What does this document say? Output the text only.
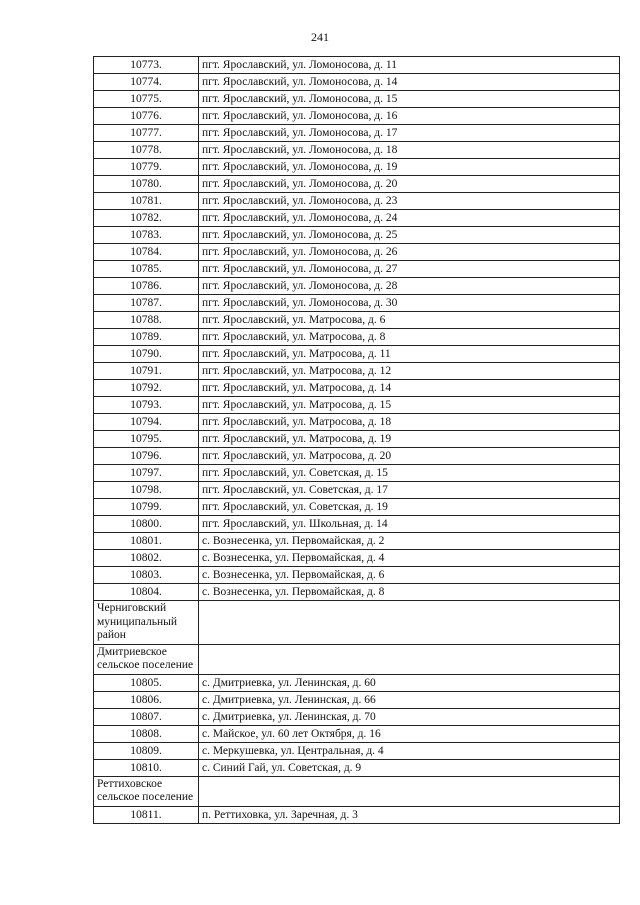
241
10773.	пгт. Ярославский, ул. Ломоносова, д. 11
10774.	пгт. Ярославский, ул. Ломоносова, д. 14
10775.	пгт. Ярославский, ул. Ломоносова, д. 15
10776.	пгт. Ярославский, ул. Ломоносова, д. 16
10777.	пгт. Ярославский, ул. Ломоносова, д. 17
10778.	пгт. Ярославский, ул. Ломоносова, д. 18
10779.	пгт. Ярославский, ул. Ломоносова, д. 19
10780.	пгт. Ярославский, ул. Ломоносова, д. 20
10781.	пгт. Ярославский, ул. Ломоносова, д. 23
10782.	пгт. Ярославский, ул. Ломоносова, д. 24
10783.	пгт. Ярославский, ул. Ломоносова, д. 25
10784.	пгт. Ярославский, ул. Ломоносова, д. 26
10785.	пгт. Ярославский, ул. Ломоносова, д. 27
10786.	пгт. Ярославский, ул. Ломоносова, д. 28
10787.	пгт. Ярославский, ул. Ломоносова, д. 30
10788.	пгт. Ярославский, ул. Матросова, д. 6
10789.	пгт. Ярославский, ул. Матросова, д. 8
10790.	пгт. Ярославский, ул. Матросова, д. 11
10791.	пгт. Ярославский, ул. Матросова, д. 12
10792.	пгт. Ярославский, ул. Матросова, д. 14
10793.	пгт. Ярославский, ул. Матросова, д. 15
10794.	пгт. Ярославский, ул. Матросова, д. 18
10795.	пгт. Ярославский, ул. Матросова, д. 19
10796.	пгт. Ярославский, ул. Матросова, д. 20
10797.	пгт. Ярославский, ул. Советская, д. 15
10798.	пгт. Ярославский, ул. Советская, д. 17
10799.	пгт. Ярославский, ул. Советская, д. 19
10800.	пгт. Ярославский, ул. Школьная, д. 14
10801.	с. Вознесенка, ул. Первомайская, д. 2
10802.	с. Вознесенка, ул. Первомайская, д. 4
10803.	с. Вознесенка, ул. Первомайская, д. 6
10804.	с. Вознесенка, ул. Первомайская, д. 8
Черниговский муниципальный район	
Дмитриевское сельское поселение	
10805.	с. Дмитриевка, ул. Ленинская, д. 60
10806.	с. Дмитриевка, ул. Ленинская, д. 66
10807.	с. Дмитриевка, ул. Ленинская, д. 70
10808.	с. Майское, ул. 60 лет Октября, д. 16
10809.	с. Меркушевка, ул. Центральная, д. 4
10810.	с. Синий Гай, ул. Советская, д. 9
Реттиховское сельское поселение	
10811.	п. Реттиховка, ул. Заречная, д. 3
